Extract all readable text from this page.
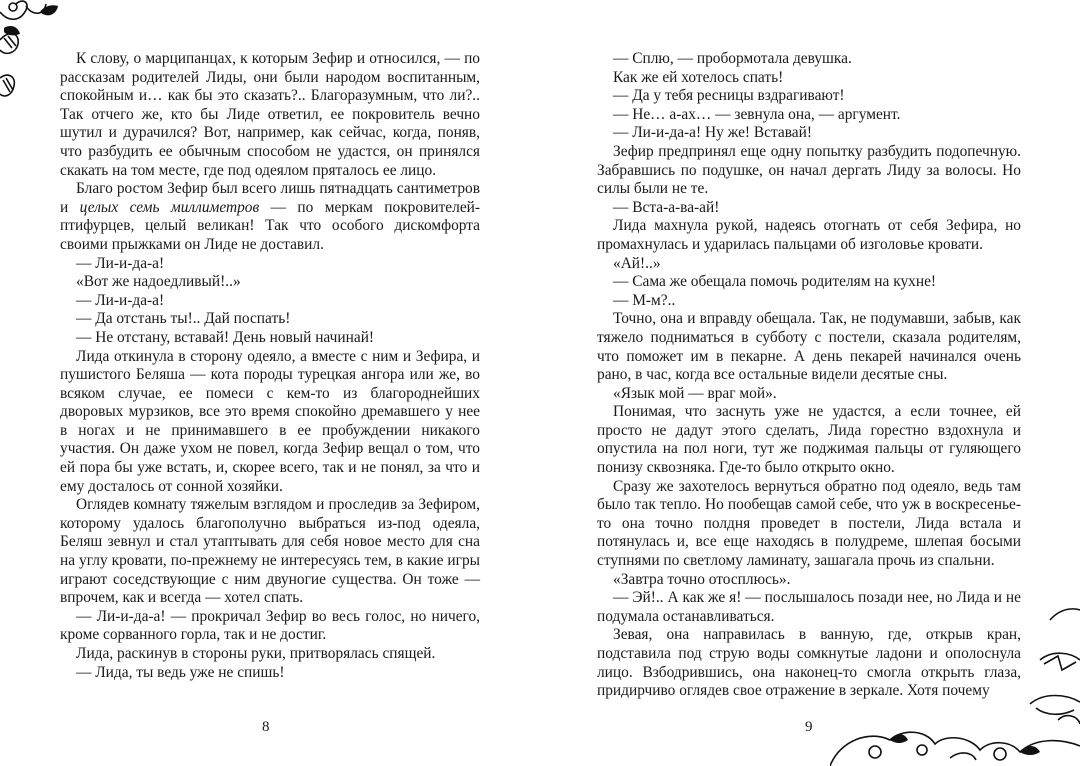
К слову, о марципанцах, к которым Зефир и относился, — по рассказам родителей Лиды, они были народом воспитанным, спокойным и… как бы это сказать?.. Благоразумным, что ли?.. Так отчего же, кто бы Лиде ответил, ее покровитель вечно шутил и дурачился? Вот, например, как сейчас, когда, поняв, что разбудить ее обычным способом не удастся, он принялся скакать на том месте, где под одеялом пряталось ее лицо.

Благо ростом Зефир был всего лишь пятнадцать сантиметров и целых семь миллиметров — по меркам покровителей-птифурцев, целый великан! Так что особого дискомфорта своими прыжками он Лиде не доставил.

— Ли-и-да-а!

«Вот же надоедливый!..»

— Ли-и-да-а!

— Да отстань ты!.. Дай поспать!

— Не отстану, вставай! День новый начинай!

Лида откинула в сторону одеяло, а вместе с ним и Зефира, и пушистого Беляша — кота породы турецкая ангора или же, во всяком случае, ее помеси с кем-то из благороднейших дворовых мурзиков, все это время спокойно дремавшего у нее в ногах и не принимавшего в ее пробуждении никакого участия. Он даже ухом не повел, когда Зефир вещал о том, что ей пора бы уже встать, и, скорее всего, так и не понял, за что и ему досталось от сонной хозяйки.

Оглядев комнату тяжелым взглядом и проследив за Зефиром, которому удалось благополучно выбраться из-под одеяла, Беляш зевнул и стал утаптывать для себя новое место для сна на углу кровати, по-прежнему не интересуясь тем, в какие игры играют соседствующие с ним двуногие существа. Он тоже — впрочем, как и всегда — хотел спать.

— Ли-и-да-а! — прокричал Зефир во весь голос, но ничего, кроме сорванного горла, так и не достиг.

Лида, раскинув в стороны руки, притворялась спящей.

— Лида, ты ведь уже не спишь!

— Сплю, — пробормотала девушка.

Как же ей хотелось спать!

— Да у тебя ресницы вздрагивают!

— Не… а-ах… — зевнула она, — аргумент.

— Ли-и-да-а! Ну же! Вставай!

Зефир предпринял еще одну попытку разбудить подопечную. Забравшись по подушке, он начал дергать Лиду за волосы. Но силы были не те.

— Вста-а-ва-ай!

Лида махнула рукой, надеясь отогнать от себя Зефира, но промахнулась и ударилась пальцами об изголовье кровати.

«Ай!..»

— Сама же обещала помочь родителям на кухне!

— М-м?..

Точно, она и вправду обещала. Так, не подумавши, забыв, как тяжело подниматься в субботу с постели, сказала родителям, что поможет им в пекарне. А день пекарей начинался очень рано, в час, когда все остальные видели десятые сны.

«Язык мой — враг мой».

Понимая, что заснуть уже не удастся, а если точнее, ей просто не дадут этого сделать, Лида горестно вздохнула и опустила на пол ноги, тут же поджимая пальцы от гуляющего понизу сквозняка. Где-то было открыто окно.

Сразу же захотелось вернуться обратно под одеяло, ведь там было так тепло. Но пообещав самой себе, что уж в воскресенье-то она точно полдня проведет в постели, Лида встала и потянулась и, все еще находясь в полудреме, шлепая босыми ступнями по светлому ламинату, зашагала прочь из спальни.

«Завтра точно отосплюсь».

— Эй!.. А как же я! — послышалось позади нее, но Лида и не подумала останавливаться.

Зевая, она направилась в ванную, где, открыв кран, подставила под струю воды сомкнутые ладони и ополоснула лицо. Взбодрившись, она наконец-то смогла открыть глаза, придирчиво оглядев свое отражение в зеркале. Хотя почему

8	9
